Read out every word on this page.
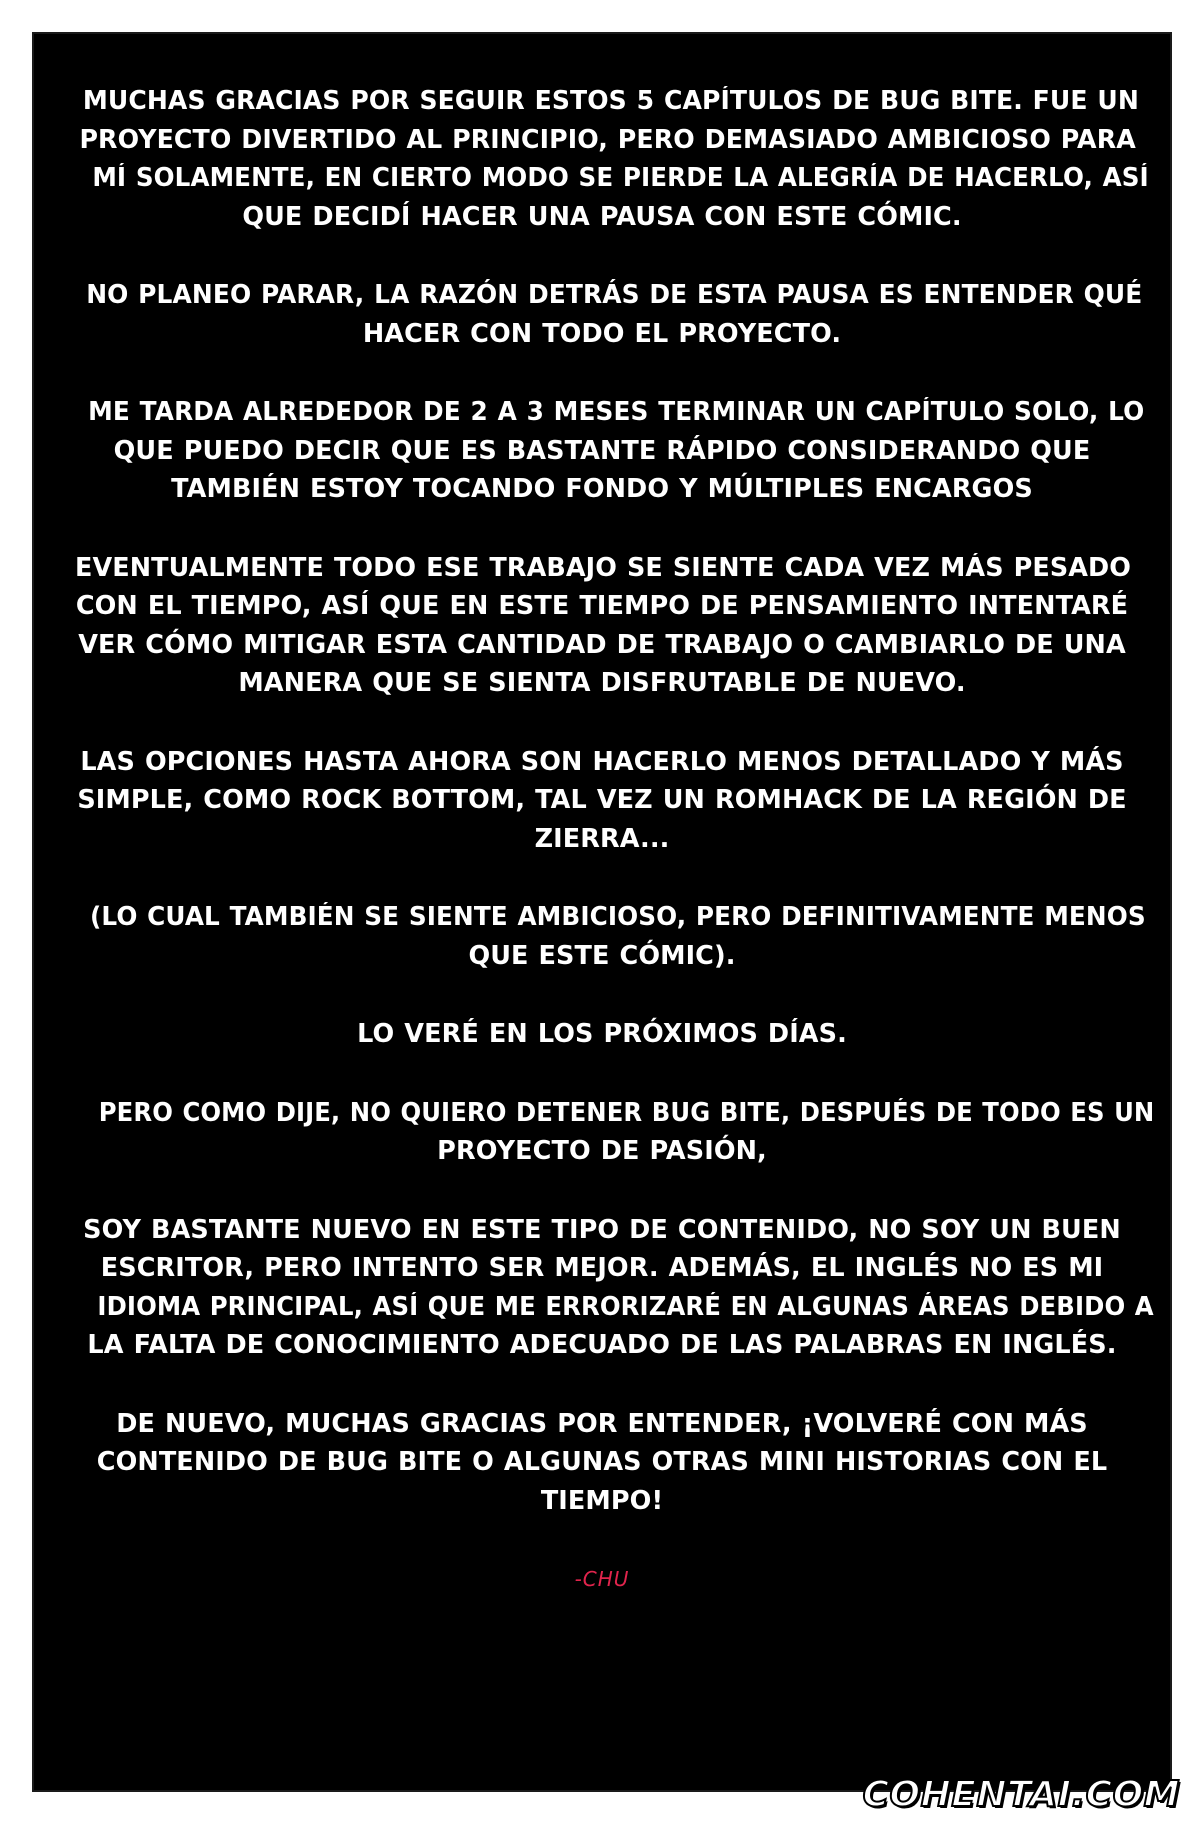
MUCHAS GRACIAS POR SEGUIR ESTOS 5 CAPÍTULOS DE BUG BITE. FUE UN
PROYECTO DIVERTIDO AL PRINCIPIO, PERO DEMASIADO AMBICIOSO PARA
MÍ SOLAMENTE, EN CIERTO MODO SE PIERDE LA ALEGRÍA DE HACERLO, ASÍ
QUE DECIDÍ HACER UNA PAUSA CON ESTE CÓMIC.
NO PLANEO PARAR, LA RAZÓN DETRÁS DE ESTA PAUSA ES ENTENDER QUÉ
HACER CON TODO EL PROYECTO.
ME TARDA ALREDEDOR DE 2 A 3 MESES TERMINAR UN CAPÍTULO SOLO, LO
QUE PUEDO DECIR QUE ES BASTANTE RÁPIDO CONSIDERANDO QUE
TAMBIÉN ESTOY TOCANDO FONDO Y MÚLTIPLES ENCARGOS
EVENTUALMENTE TODO ESE TRABAJO SE SIENTE CADA VEZ MÁS PESADO
CON EL TIEMPO, ASÍ QUE EN ESTE TIEMPO DE PENSAMIENTO INTENTARÉ
VER CÓMO MITIGAR ESTA CANTIDAD DE TRABAJO O CAMBIARLO DE UNA
MANERA QUE SE SIENTA DISFRUTABLE DE NUEVO.
LAS OPCIONES HASTA AHORA SON HACERLO MENOS DETALLADO Y MÁS
SIMPLE, COMO ROCK BOTTOM, TAL VEZ UN ROMHACK DE LA REGIÓN DE
ZIERRA...
(LO CUAL TAMBIÉN SE SIENTE AMBICIOSO, PERO DEFINITIVAMENTE MENOS
QUE ESTE CÓMIC).
LO VERÉ EN LOS PRÓXIMOS DÍAS.
PERO COMO DIJE, NO QUIERO DETENER BUG BITE, DESPUÉS DE TODO ES UN
PROYECTO DE PASIÓN,
SOY BASTANTE NUEVO EN ESTE TIPO DE CONTENIDO, NO SOY UN BUEN
ESCRITOR, PERO INTENTO SER MEJOR. ADEMÁS, EL INGLÉS NO ES MI
IDIOMA PRINCIPAL, ASÍ QUE ME ERRORIZARÉ EN ALGUNAS ÁREAS DEBIDO A
LA FALTA DE CONOCIMIENTO ADECUADO DE LAS PALABRAS EN INGLÉS.
DE NUEVO, MUCHAS GRACIAS POR ENTENDER, ¡VOLVERÉ CON MÁS
CONTENIDO DE BUG BITE O ALGUNAS OTRAS MINI HISTORIAS CON EL
TIEMPO!
-CHU
COHENTAI.COM
